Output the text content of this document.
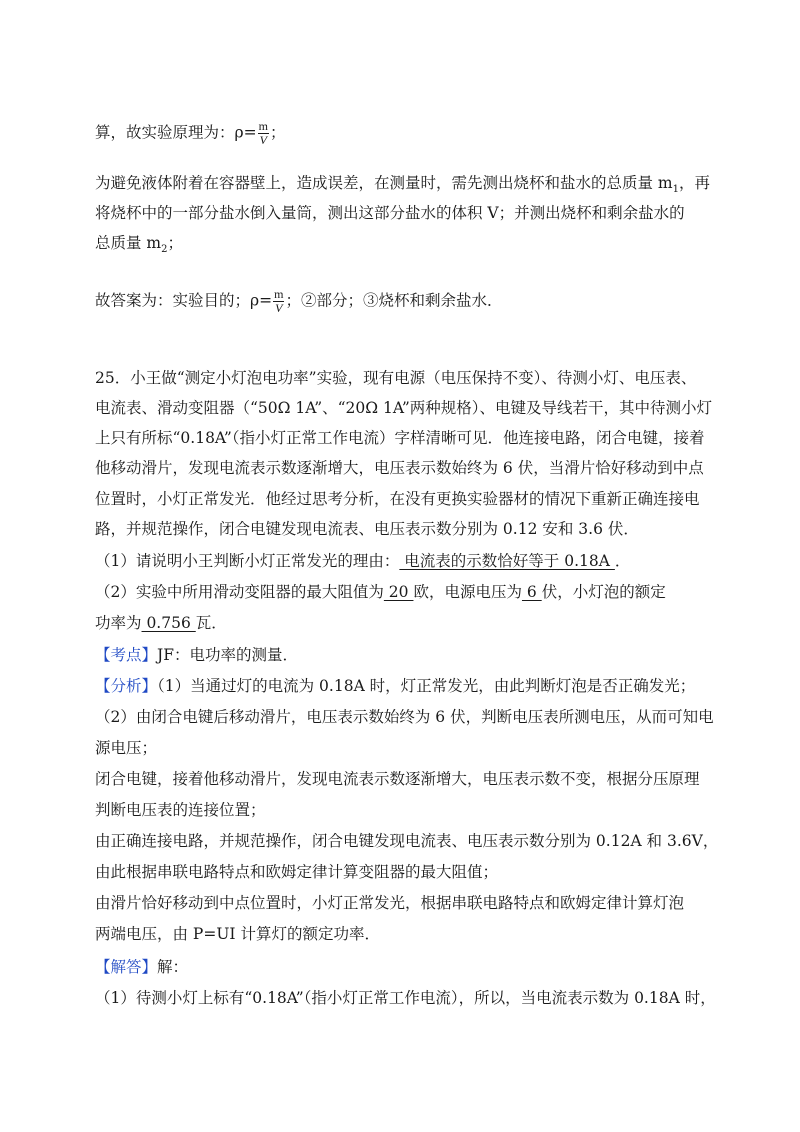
算，故实验原理为：$\rho= \frac{m}{V}$ ；
为避免液体附着在容器壁上，造成误差，在测量时，需先测出烧杯和盐水的总质量 $m_1$，再
将烧杯中的一部分盐水倒入量筒，测出这部分盐水的体积 V；并测出烧杯和剩余盐水的
总质量 $m_2$；
故答案为：实验目的；$\rho= \frac{m}{V}$ ；②部分；③烧杯和剩余盐水．
25．小王做“测定小灯泡电功率”实验，现有电源（电压保持不变）、待测小灯、电压表、
电流表、滑动变阻器（“50Ω 1A”、“20Ω 1A”两种规格）、电键及导线若干，其中待测小灯
上只有所标“0.18A”（指小灯正常工作电流）字样清晰可见．他连接电路，闭合电键，接着
他移动滑片，发现电流表示数逐渐增大，电压表示数始终为 6 伏，当滑片恰好移动到中点
位置时，小灯正常发光．他经过思考分析，在没有更换实验器材的情况下重新正确连接电
路，并规范操作，闭合电键发现电流表、电压表示数分别为 0.12 安和 3.6 伏．
（1）请说明小王判断小灯正常发光的理由： 电流表的示数恰好等于 0.18A ．
（2）实验中所用滑动变阻器的最大阻值为 20 欧，电源电压为 6 伏，小灯泡的额定
功率为 0.756 瓦．
【考点】JF：电功率的测量．
【分析】（1）当通过灯的电流为 0.18A 时，灯正常发光，由此判断灯泡是否正确发光；
（2）由闭合电键后移动滑片，电压表示数始终为 6 伏，判断电压表所测电压，从而可知电
源电压；
闭合电键，接着他移动滑片，发现电流表示数逐渐增大，电压表示数不变，根据分压原理
判断电压表的连接位置；
由正确连接电路，并规范操作，闭合电键发现电流表、电压表示数分别为 0.12A 和 3.6V，
由此根据串联电路特点和欧姆定律计算变阻器的最大阻值；
由滑片恰好移动到中点位置时，小灯正常发光，根据串联电路特点和欧姆定律计算灯泡
两端电压，由 P=UI 计算灯的额定功率．
【解答】解：
（1）待测小灯上标有“0.18A”（指小灯正常工作电流），所以，当电流表示数为 0.18A 时，
